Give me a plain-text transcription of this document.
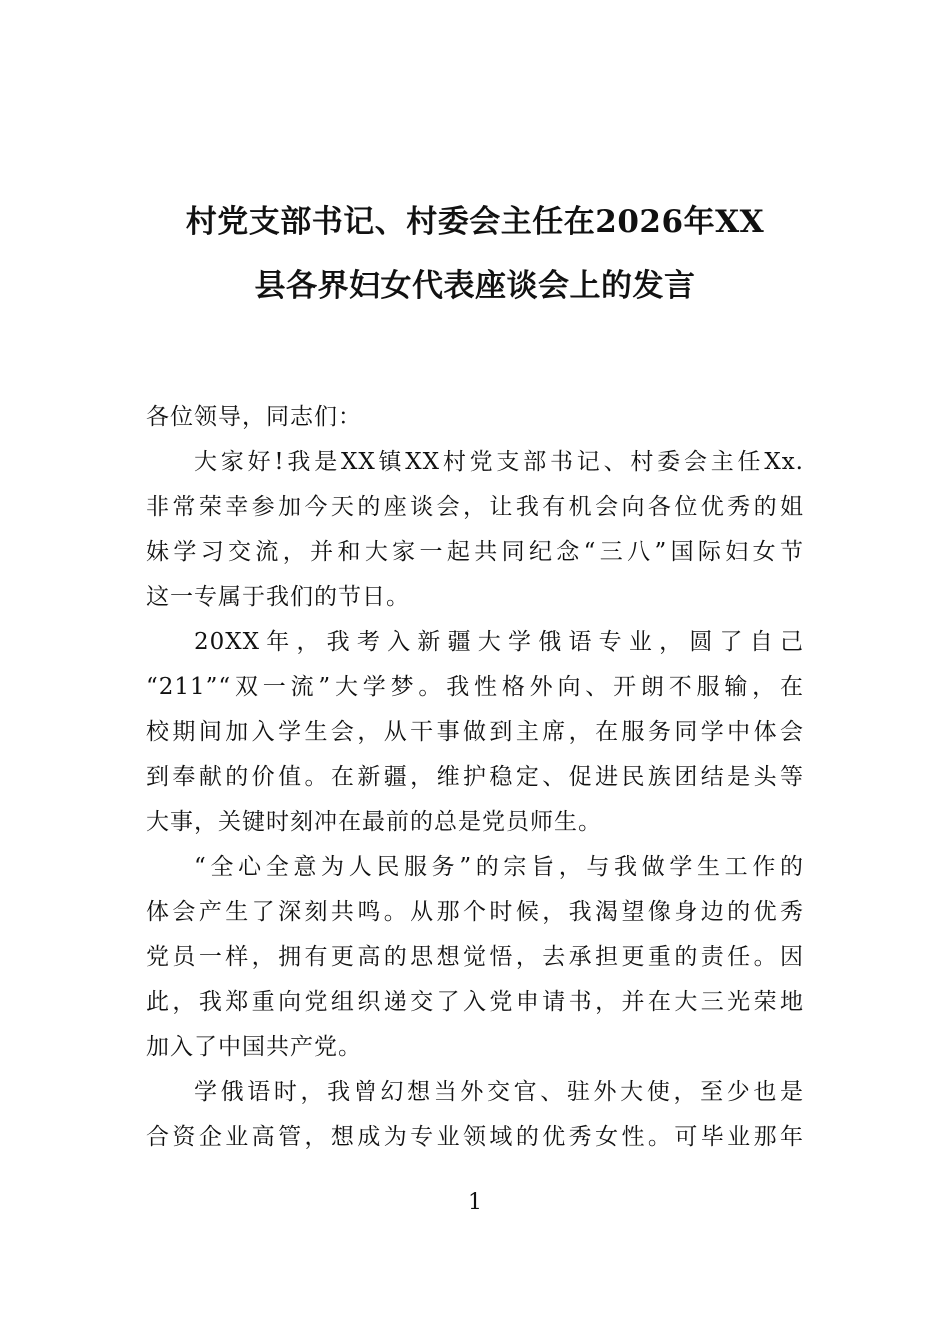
村党支部书记、村委会主任在2026年XX
县各界妇女代表座谈会上的发言
各位领导，同志们：
大家好!我是XX镇XX村党支部书记、村委会主任Xx.
非常荣幸参加今天的座谈会，让我有机会向各位优秀的姐
妹学习交流，并和大家一起共同纪念“三八”国际妇女节
这一专属于我们的节日。
20XX年，我考入新疆大学俄语专业，圆了自己
“211”“双一流”大学梦。我性格外向、开朗不服输，在
校期间加入学生会，从干事做到主席，在服务同学中体会
到奉献的价值。在新疆，维护稳定、促进民族团结是头等
大事，关键时刻冲在最前的总是党员师生。
“全心全意为人民服务”的宗旨，与我做学生工作的
体会产生了深刻共鸣。从那个时候，我渴望像身边的优秀
党员一样，拥有更高的思想觉悟，去承担更重的责任。因
此，我郑重向党组织递交了入党申请书，并在大三光荣地
加入了中国共产党。
学俄语时，我曾幻想当外交官、驻外大使，至少也是
合资企业高管，想成为专业领域的优秀女性。可毕业那年
1
